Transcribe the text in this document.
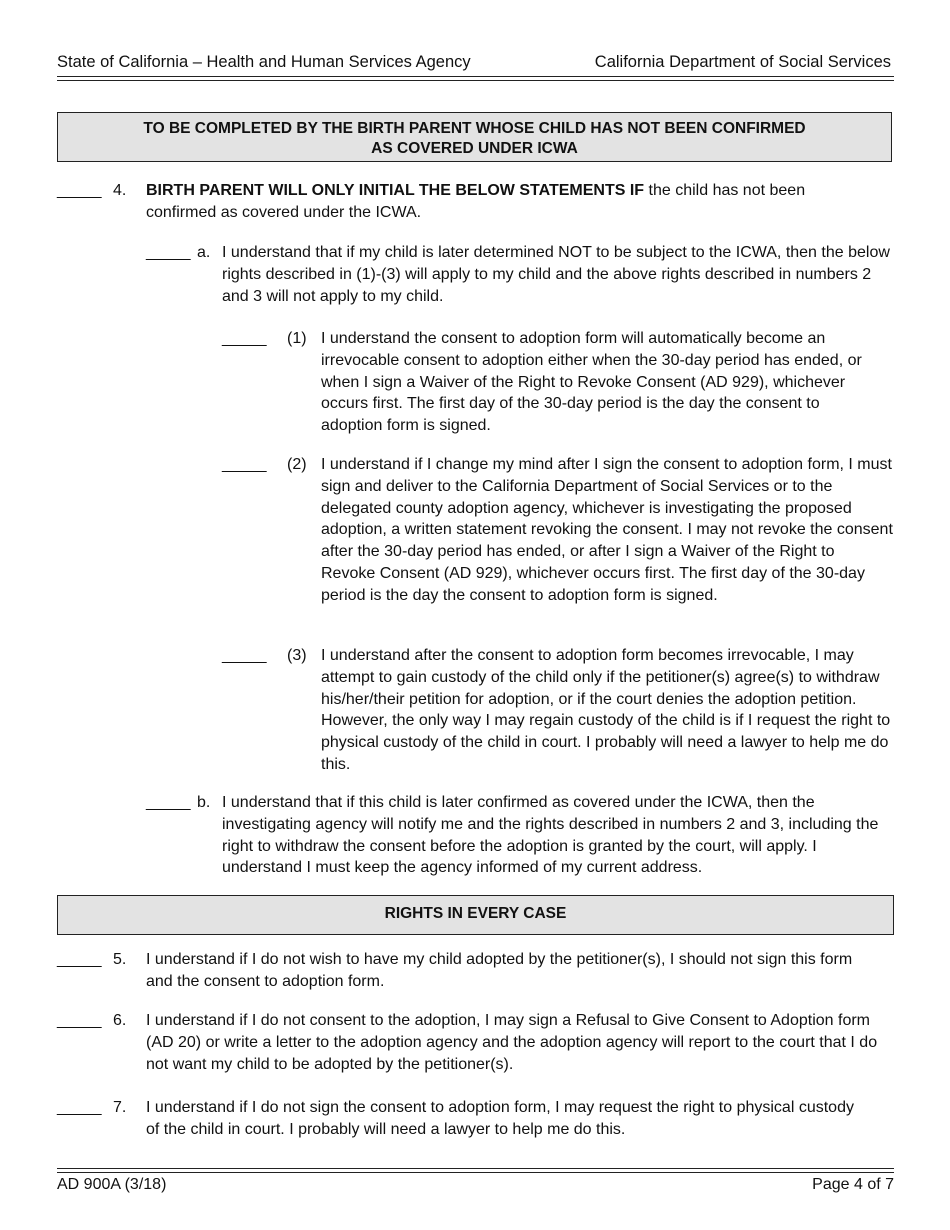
State of California – Health and Human Services Agency	California Department of Social Services
TO BE COMPLETED BY THE BIRTH PARENT WHOSE CHILD HAS NOT BEEN CONFIRMED
AS COVERED UNDER ICWA
_____ 4. BIRTH PARENT WILL ONLY INITIAL THE BELOW STATEMENTS IF the child has not been confirmed as covered under the ICWA.
_____ a. I understand that if my child is later determined NOT to be subject to the ICWA, then the below rights described in (1)-(3) will apply to my child and the above rights described in numbers 2 and 3 will not apply to my child.
_____ (1) I understand the consent to adoption form will automatically become an irrevocable consent to adoption either when the 30-day period has ended, or when I sign a Waiver of the Right to Revoke Consent (AD 929), whichever occurs first. The first day of the 30-day period is the day the consent to adoption form is signed.
_____ (2) I understand if I change my mind after I sign the consent to adoption form, I must sign and deliver to the California Department of Social Services or to the delegated county adoption agency, whichever is investigating the proposed adoption, a written statement revoking the consent. I may not revoke the consent after the 30-day period has ended, or after I sign a Waiver of the Right to Revoke Consent (AD 929), whichever occurs first. The first day of the 30-day period is the day the consent to adoption form is signed.
_____ (3) I understand after the consent to adoption form becomes irrevocable, I may attempt to gain custody of the child only if the petitioner(s) agree(s) to withdraw his/her/their petition for adoption, or if the court denies the adoption petition. However, the only way I may regain custody of the child is if I request the right to physical custody of the child in court. I probably will need a lawyer to help me do this.
_____ b. I understand that if this child is later confirmed as covered under the ICWA, then the investigating agency will notify me and the rights described in numbers 2 and 3, including the right to withdraw the consent before the adoption is granted by the court, will apply. I understand I must keep the agency informed of my current address.
RIGHTS IN EVERY CASE
_____ 5. I understand if I do not wish to have my child adopted by the petitioner(s), I should not sign this form and the consent to adoption form.
_____ 6. I understand if I do not consent to the adoption, I may sign a Refusal to Give Consent to Adoption form (AD 20) or write a letter to the adoption agency and the adoption agency will report to the court that I do not want my child to be adopted by the petitioner(s).
_____ 7. I understand if I do not sign the consent to adoption form, I may request the right to physical custody of the child in court. I probably will need a lawyer to help me do this.
AD 900A (3/18)	Page 4 of 7
